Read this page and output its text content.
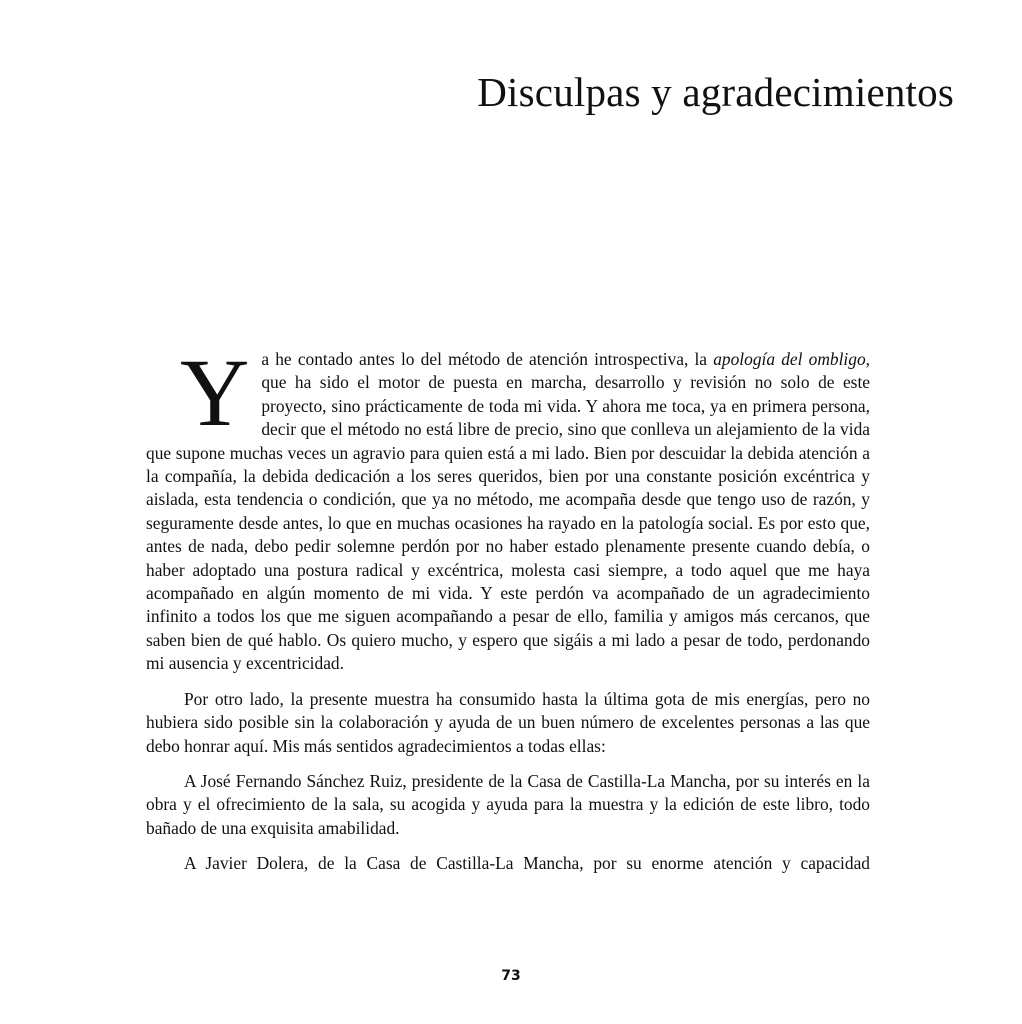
Disculpas y agradecimientos

Ya he contado antes lo del método de atención introspectiva, la apología del ombligo, que ha sido el motor de puesta en marcha, desarrollo y revisión no solo de este proyecto, sino prácticamente de toda mi vida. Y ahora me toca, ya en primera persona, decir que el método no está libre de precio, sino que conlleva un alejamiento de la vida que supone muchas veces un agravio para quien está a mi lado. Bien por descuidar la debida atención a la compañía, la debida dedicación a los seres queridos, bien por una constante posición excéntrica y aislada, esta tendencia o condición, que ya no método, me acompaña desde que tengo uso de razón, y seguramente desde antes, lo que en muchas ocasiones ha rayado en la patología social. Es por esto que, antes de nada, debo pedir solemne perdón por no haber estado plenamente presente cuando debía, o haber adoptado una postura radical y excéntrica, molesta casi siempre, a todo aquel que me haya acompañado en algún momento de mi vida. Y este perdón va acompañado de un agradecimiento infinito a todos los que me siguen acompañando a pesar de ello, familia y amigos más cercanos, que saben bien de qué hablo. Os quiero mucho, y espero que sigáis a mi lado a pesar de todo, perdonando mi ausencia y excentricidad.

Por otro lado, la presente muestra ha consumido hasta la última gota de mis energías, pero no hubiera sido posible sin la colaboración y ayuda de un buen número de excelentes personas a las que debo honrar aquí. Mis más sentidos agradecimientos a todas ellas:

A José Fernando Sánchez Ruiz, presidente de la Casa de Castilla-La Mancha, por su interés en la obra y el ofrecimiento de la sala, su acogida y ayuda para la muestra y la edición de este libro, todo bañado de una exquisita amabilidad.

A Javier Dolera, de la Casa de Castilla-La Mancha, por su enorme atención y capacidad

73
